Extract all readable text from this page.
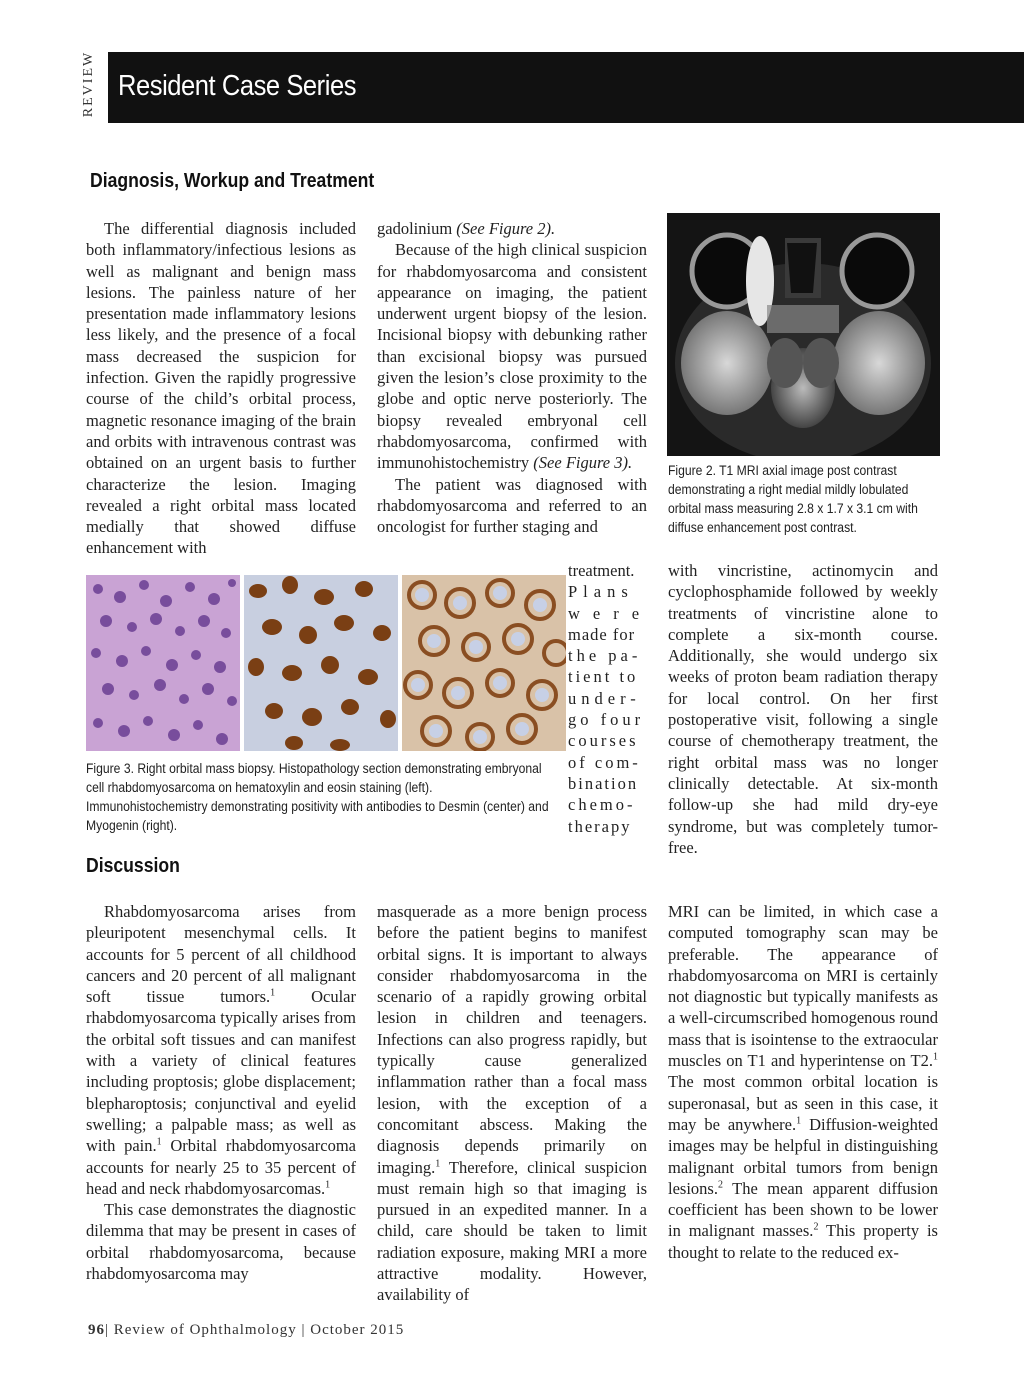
REVIEW Resident Case Series
Diagnosis, Workup and Treatment

The differential diagnosis included both inflammatory/infectious lesions as well as malignant and benign mass lesions. The painless nature of her presentation made inflammatory lesions less likely, and the presence of a focal mass decreased the suspicion for infection. Given the rapidly progressive course of the child’s orbital process, magnetic resonance imaging of the brain and orbits with intravenous contrast was obtained on an urgent basis to further characterize the lesion. Imaging revealed a right orbital mass located medially that showed diffuse enhancement with

gadolinium (See Figure 2).

Because of the high clinical suspicion for rhabdomyosarcoma and consistent appearance on imaging, the patient underwent urgent biopsy of the lesion. Incisional biopsy with debunking rather than excisional biopsy was pursued given the lesion’s close proximity to the globe and optic nerve posteriorly. The biopsy revealed embryonal cell rhabdomyosarcoma, confirmed with immunohistochemistry (See Figure 3).

The patient was diagnosed with rhabdomyosarcoma and referred to an oncologist for further staging and

treatment.
Plans
were
made for
the pa-
tient to
under-
go four
courses
of com-
bination
chemo-
therapy
Figure 2. T1 MRI axial image post contrast demonstrating a right medial mildly lobulated orbital mass measuring 2.8 x 1.7 x 3.1 cm with diffuse enhancement post contrast.
Figure 3. Right orbital mass biopsy. Histopathology section demonstrating embryonal cell rhabdomyosarcoma on hematoxylin and eosin staining (left). Immunohistochemistry demonstrating positivity with antibodies to Desmin (center) and Myogenin (right).

with vincristine, actinomycin and cyclophosphamide followed by weekly treatments of vincristine alone to complete a six-month course. Additionally, she would undergo six weeks of proton beam radiation therapy for local control. On her first postoperative visit, following a single course of chemotherapy treatment, the right orbital mass was no longer clinically detectable. At six-month follow-up she had mild dry-eye syndrome, but was completely tumor-free.

Discussion

Rhabdomyosarcoma arises from pleuripotent mesenchymal cells. It accounts for 5 percent of all childhood cancers and 20 percent of all malignant soft tissue tumors.$^1$ Ocular rhabdomyosarcoma typically arises from the orbital soft tissues and can manifest with a variety of clinical features including proptosis; globe displacement; blepharoptosis; conjunctival and eyelid swelling; a palpable mass; as well as with pain.$^1$ Orbital rhabdomyosarcoma accounts for nearly 25 to 35 percent of head and neck rhabdomyosarcomas.$^1$

This case demonstrates the diagnostic dilemma that may be present in cases of orbital rhabdomyosarcoma, because rhabdomyosarcoma may

masquerade as a more benign process before the patient begins to manifest orbital signs. It is important to always consider rhabdomyosarcoma in the scenario of a rapidly growing orbital lesion in children and teenagers. Infections can also progress rapidly, but typically cause generalized inflammation rather than a focal mass lesion, with the exception of a concomitant abscess. Making the diagnosis depends primarily on imaging.$^1$ Therefore, clinical suspicion must remain high so that imaging is pursued in an expedited manner. In a child, care should be taken to limit radiation exposure, making MRI a more attractive modality. However, availability of

MRI can be limited, in which case a computed tomography scan may be preferable. The appearance of rhabdomyosarcoma on MRI is certainly not diagnostic but typically manifests as a well-circumscribed homogenous round mass that is isointense to the extraocular muscles on T1 and hyperintense on T2.$^1$ The most common orbital location is superonasal, but as seen in this case, it may be anywhere.$^1$ Diffusion-weighted images may be helpful in distinguishing malignant orbital tumors from benign lesions.$^2$ The mean apparent diffusion coefficient has been shown to be lower in malignant masses.$^2$ This property is thought to relate to the reduced ex-

96| Review of Ophthalmology | October 2015
